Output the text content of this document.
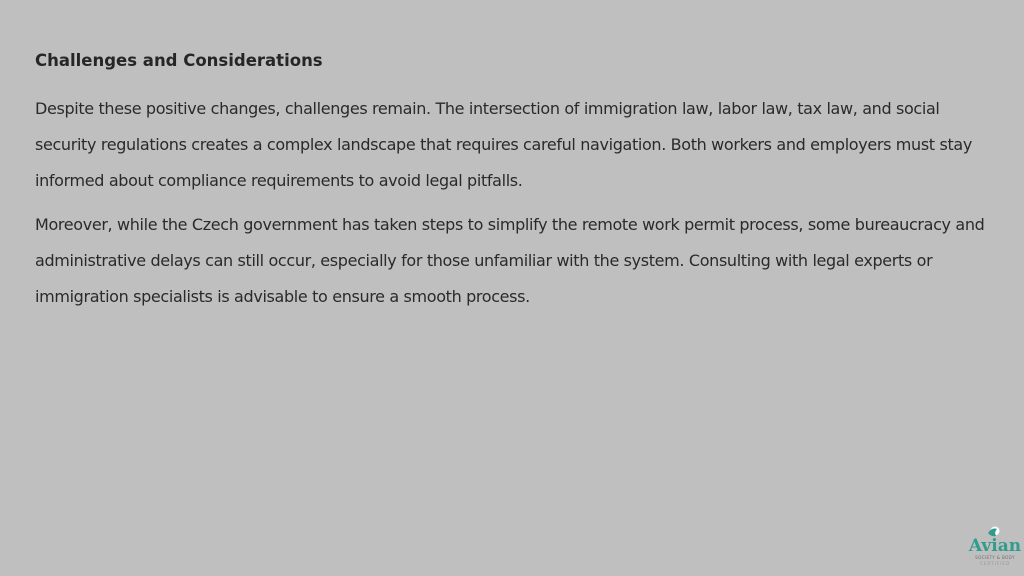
Challenges and Considerations

Despite these positive changes, challenges remain. The intersection of immigration law, labor law, tax law, and social security regulations creates a complex landscape that requires careful navigation. Both workers and employers must stay informed about compliance requirements to avoid legal pitfalls.

Moreover, while the Czech government has taken steps to simplify the remote work permit process, some bureaucracy and administrative delays can still occur, especially for those unfamiliar with the system. Consulting with legal experts or immigration specialists is advisable to ensure a smooth process.

Avian
SOCIETY & BODY
CERTIFIED
